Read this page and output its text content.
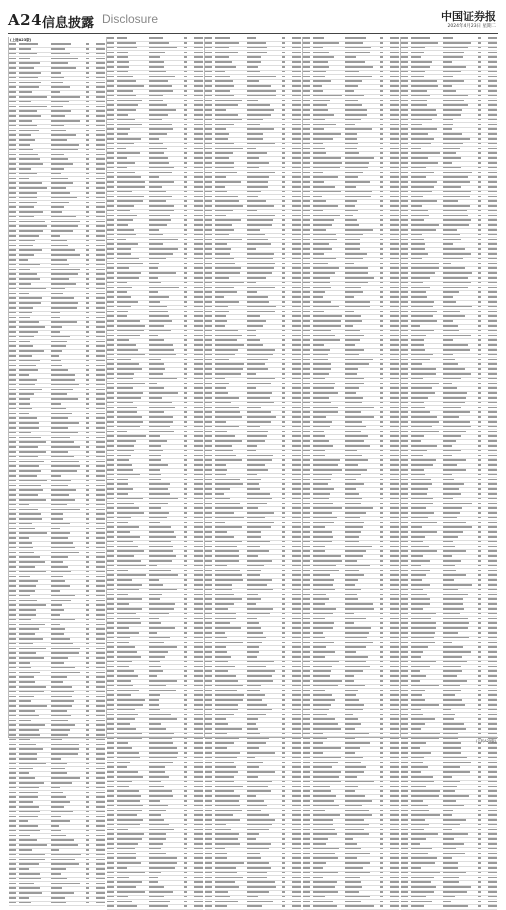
A24 信息披露 Disclosure	中国证券报
2024年4月23日 星期二
(上接A23版)
(下转A25版)
